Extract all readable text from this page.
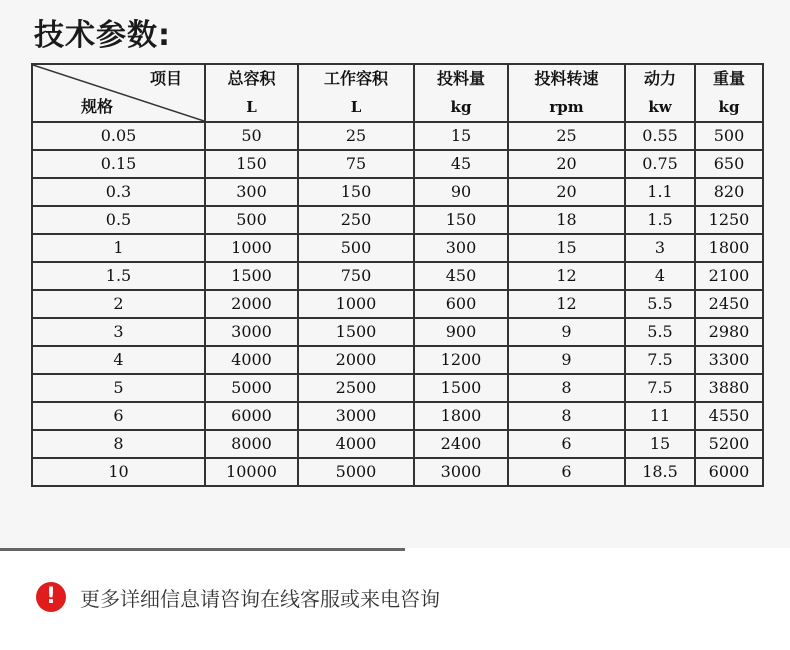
技术参数:
项目
规格	总容积	工作容积	投料量	投料转速	动力	重量
	L	L	kg	rpm	kw	kg
0.05	50	25	15	25	0.55	500
0.15	150	75	45	20	0.75	650
0.3	300	150	90	20	1.1	820
0.5	500	250	150	18	1.5	1250
1	1000	500	300	15	3	1800
1.5	1500	750	450	12	4	2100
2	2000	1000	600	12	5.5	2450
3	3000	1500	900	9	5.5	2980
4	4000	2000	1200	9	7.5	3300
5	5000	2500	1500	8	7.5	3880
6	6000	3000	1800	8	11	4550
8	8000	4000	2400	6	15	5200
10	10000	5000	3000	6	18.5	6000
!	更多详细信息请咨询在线客服或来电咨询
